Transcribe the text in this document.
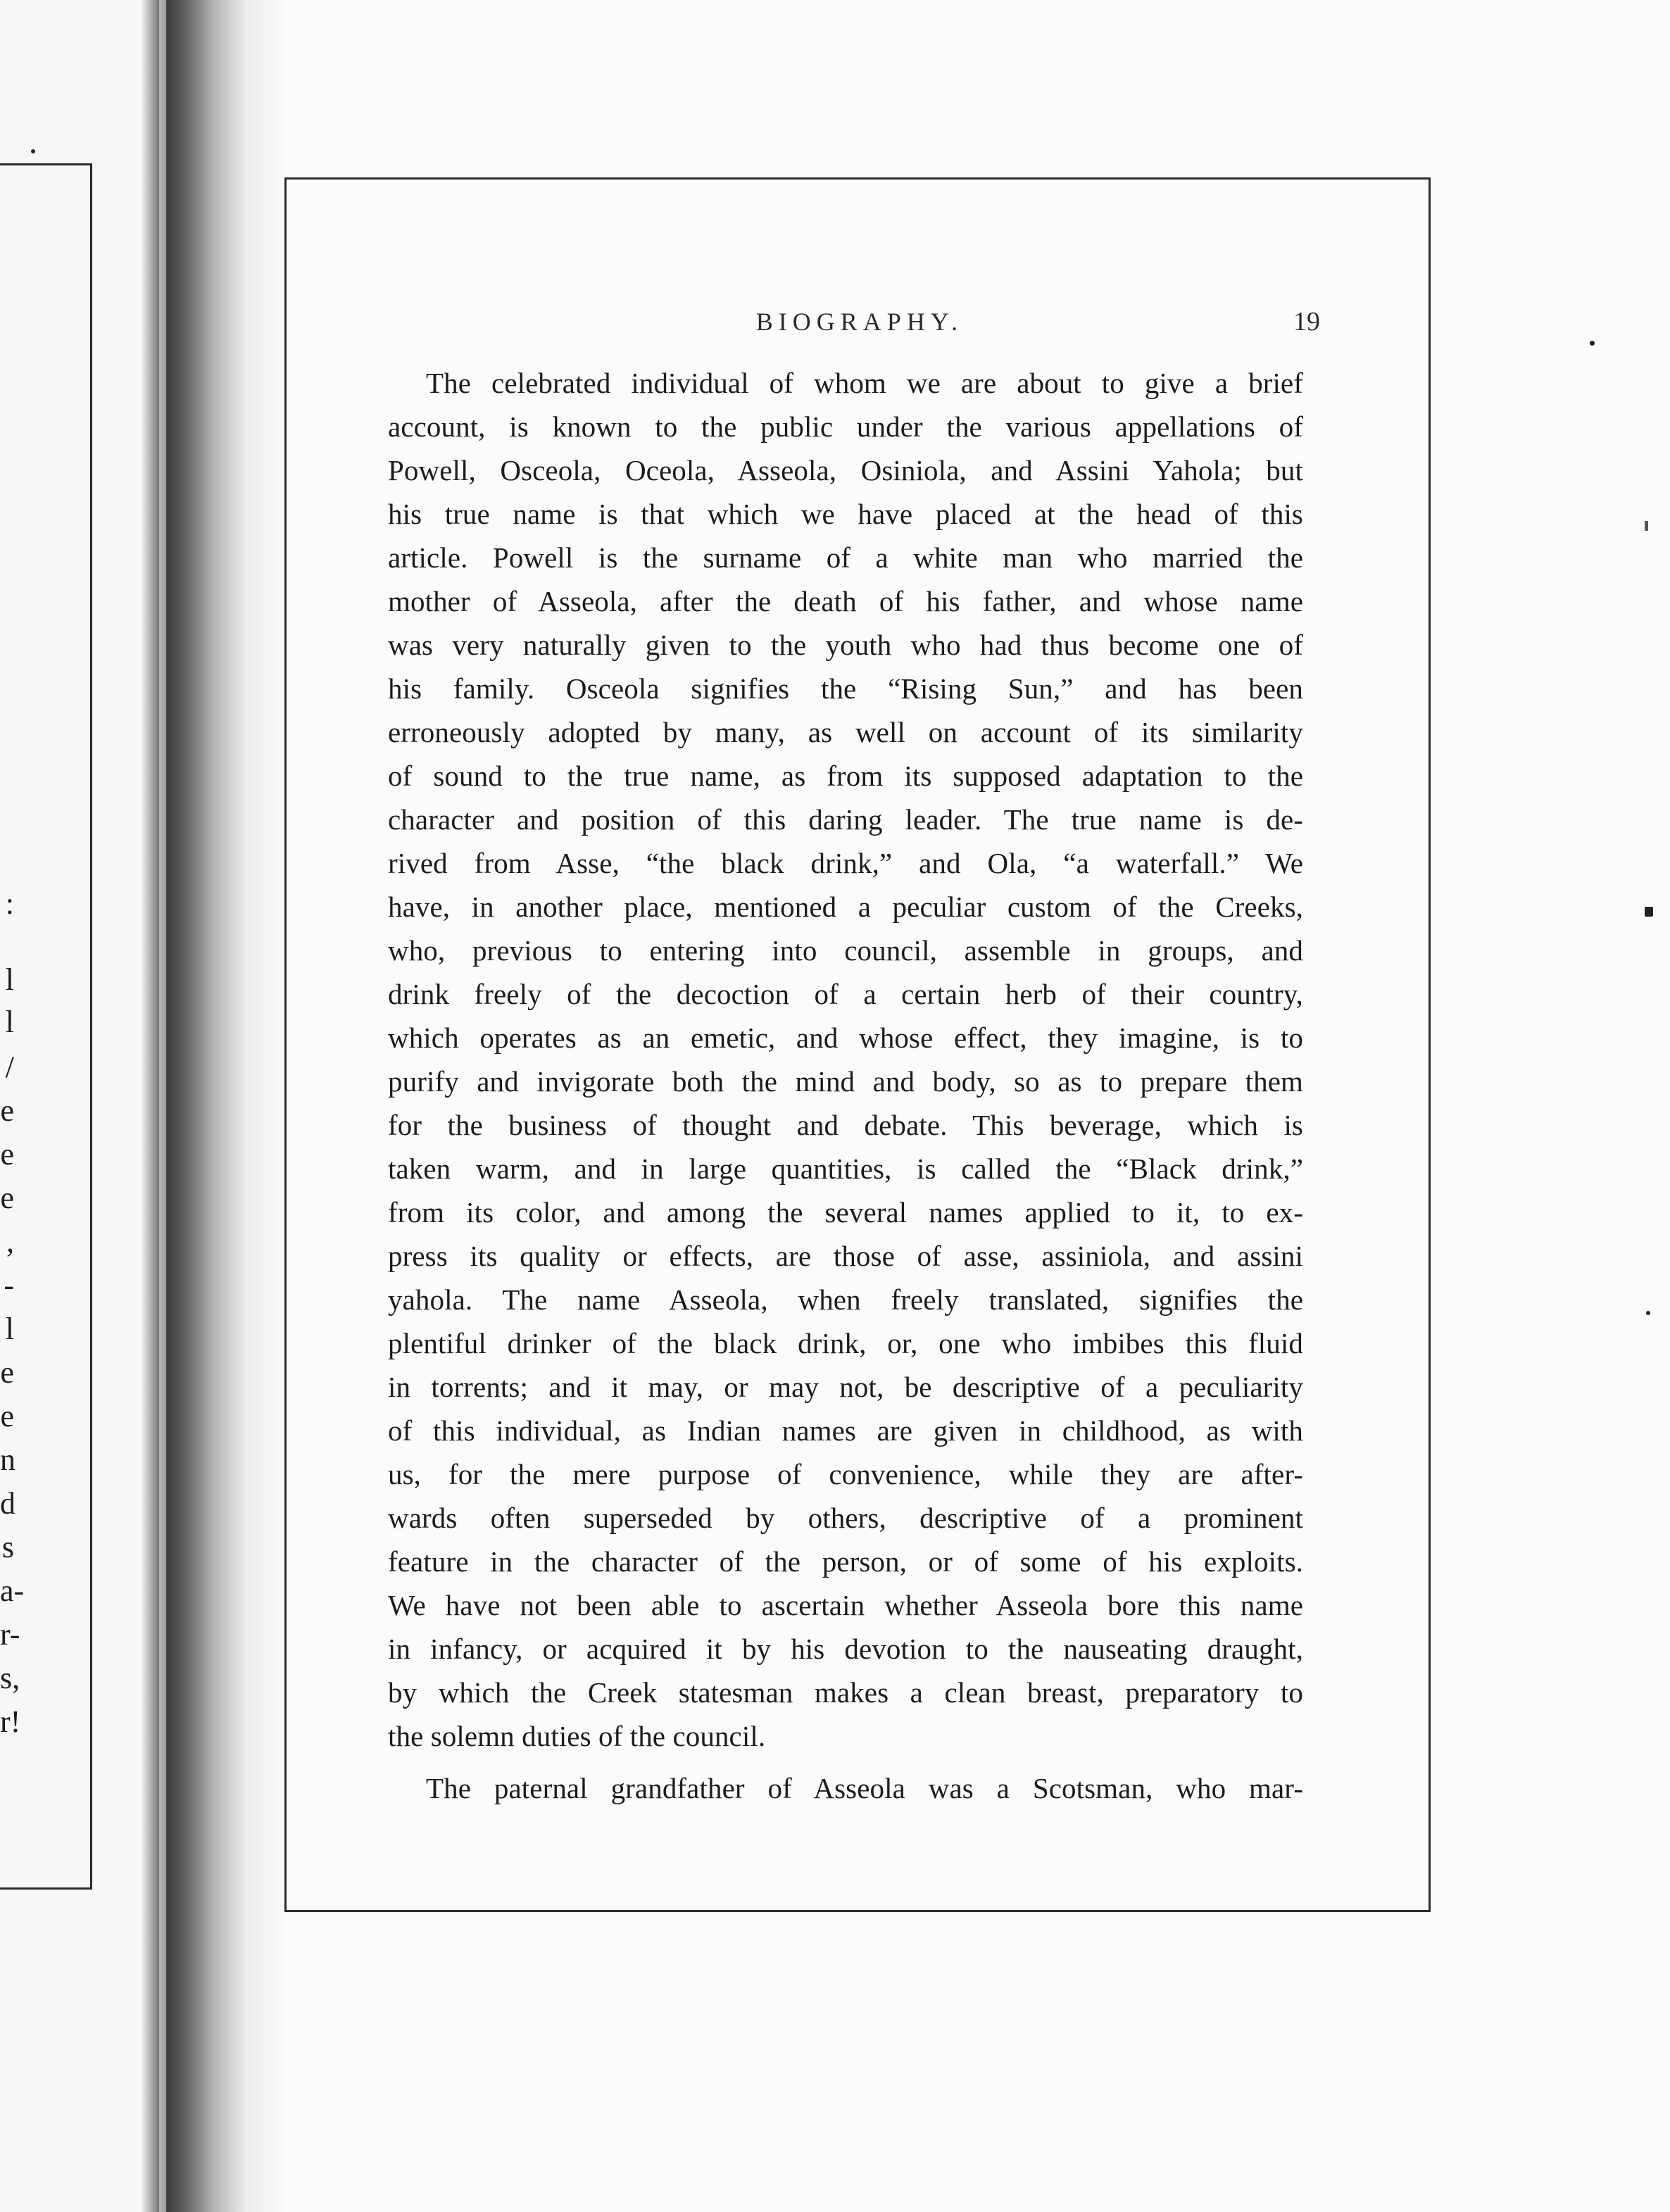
:
l
l
/
e
e
e
,
-
l
e
e
n
d
s
a-
r-
s,
r!
BIOGRAPHY.	19
The celebrated individual of whom we are about to give a brief
account, is known to the public under the various appellations of
Powell, Osceola, Oceola, Asseola, Osiniola, and Assini Yahola; but
his true name is that which we have placed at the head of this
article. Powell is the surname of a white man who married the
mother of Asseola, after the death of his father, and whose name
was very naturally given to the youth who had thus become one of
his family. Osceola signifies the “Rising Sun,” and has been
erroneously adopted by many, as well on account of its similarity
of sound to the true name, as from its supposed adaptation to the
character and position of this daring leader. The true name is de-
rived from Asse, “the black drink,” and Ola, “a waterfall.” We
have, in another place, mentioned a peculiar custom of the Creeks,
who, previous to entering into council, assemble in groups, and
drink freely of the decoction of a certain herb of their country,
which operates as an emetic, and whose effect, they imagine, is to
purify and invigorate both the mind and body, so as to prepare them
for the business of thought and debate. This beverage, which is
taken warm, and in large quantities, is called the “Black drink,”
from its color, and among the several names applied to it, to ex-
press its quality or effects, are those of asse, assiniola, and assini
yahola. The name Asseola, when freely translated, signifies the
plentiful drinker of the black drink, or, one who imbibes this fluid
in torrents; and it may, or may not, be descriptive of a peculiarity
of this individual, as Indian names are given in childhood, as with
us, for the mere purpose of convenience, while they are after-
wards often superseded by others, descriptive of a prominent
feature in the character of the person, or of some of his exploits.
We have not been able to ascertain whether Asseola bore this name
in infancy, or acquired it by his devotion to the nauseating draught,
by which the Creek statesman makes a clean breast, preparatory to
the solemn duties of the council.
The paternal grandfather of Asseola was a Scotsman, who mar-
